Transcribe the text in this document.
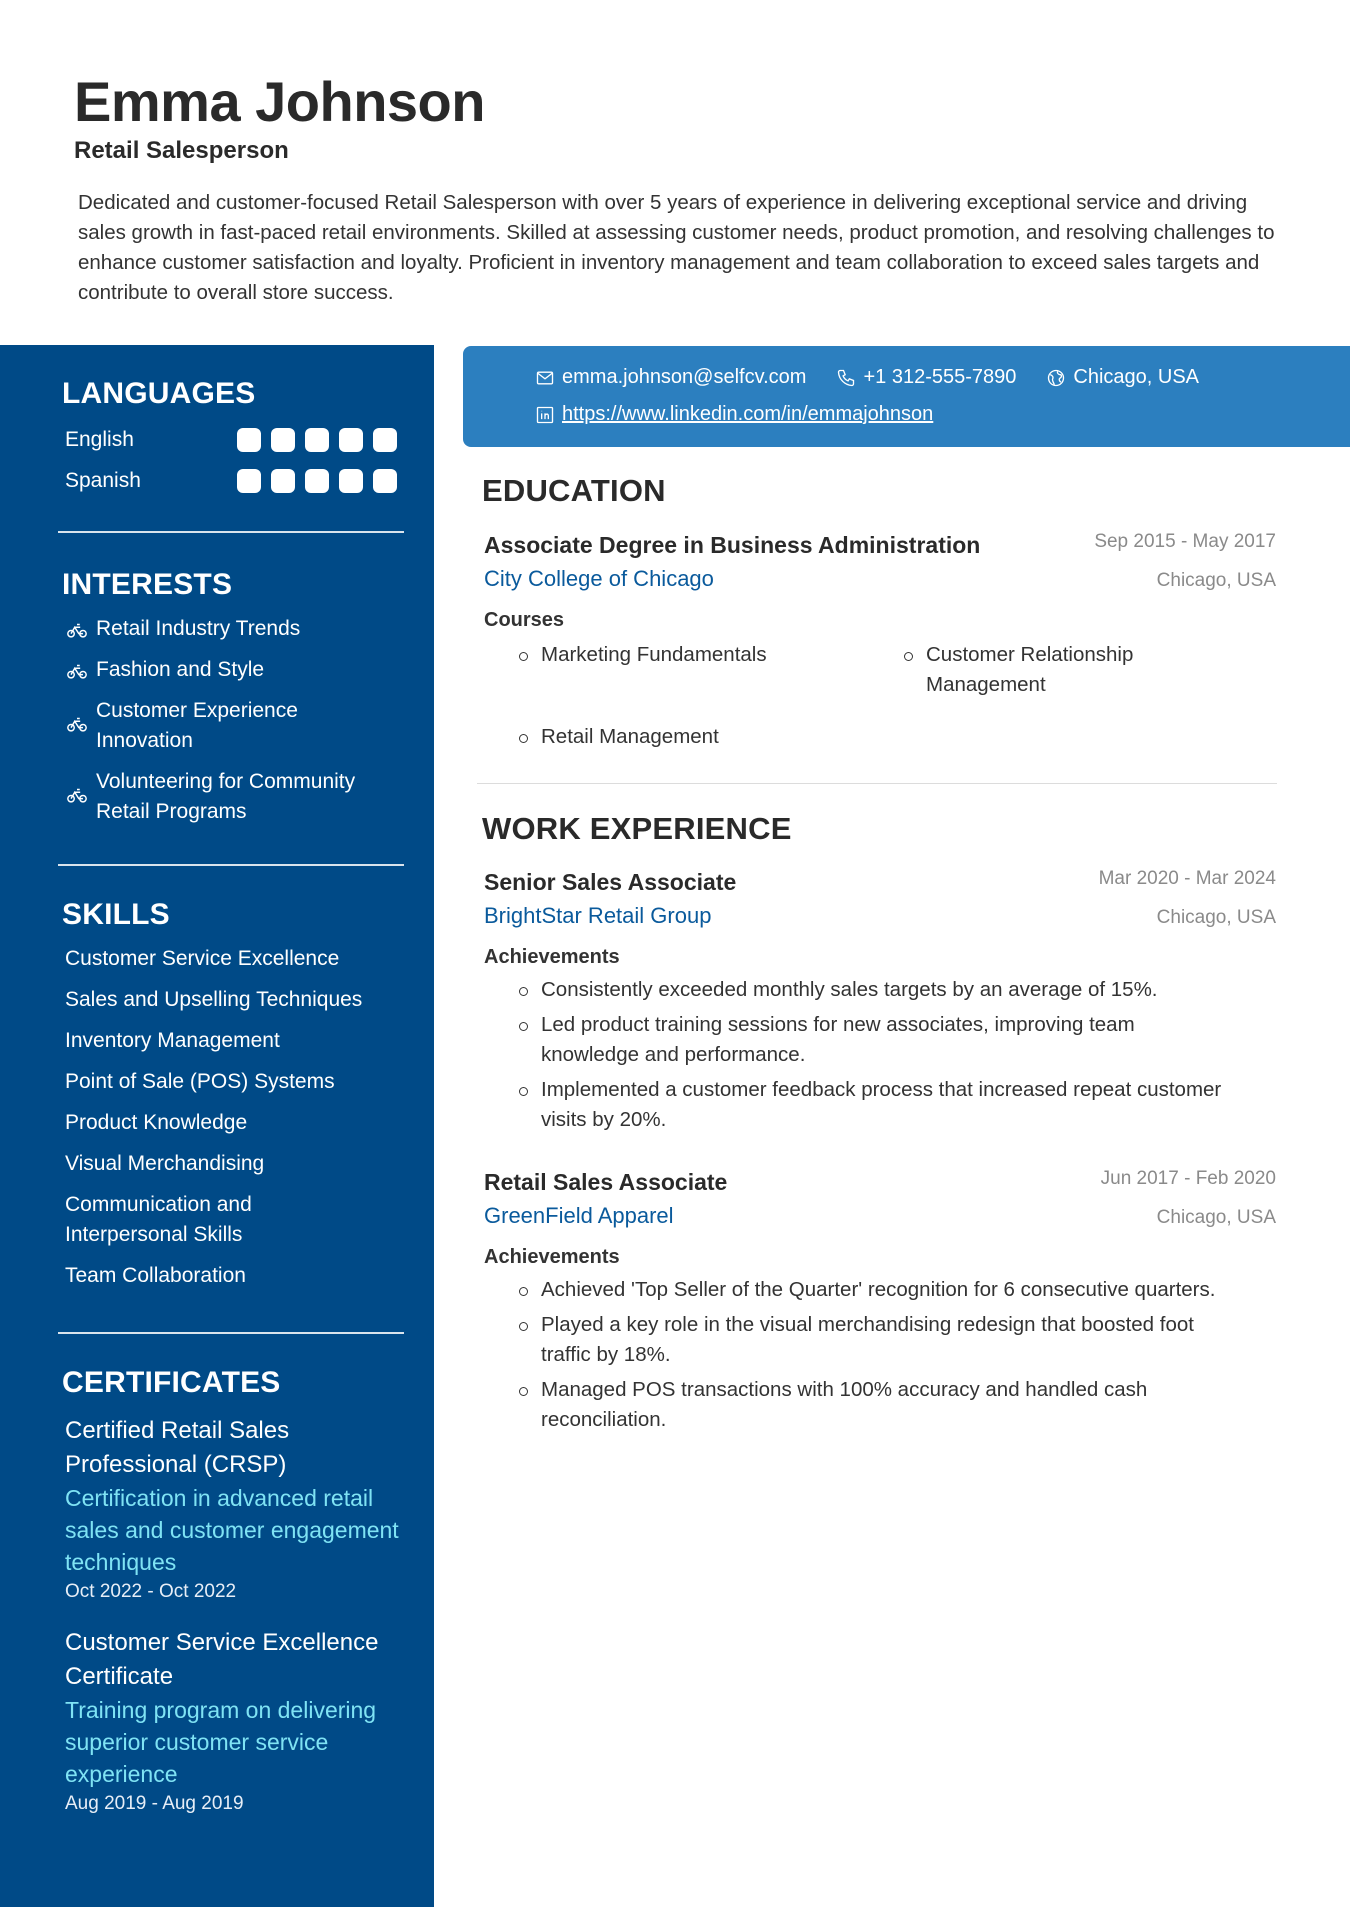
Emma Johnson
Retail Salesperson
Dedicated and customer-focused Retail Salesperson with over 5 years of experience in delivering exceptional service and driving sales growth in fast-paced retail environments. Skilled at assessing customer needs, product promotion, and resolving challenges to enhance customer satisfaction and loyalty. Proficient in inventory management and team collaboration to exceed sales targets and contribute to overall store success.
LANGUAGES
English
Spanish
INTERESTS
Retail Industry Trends
Fashion and Style
Customer Experience Innovation
Volunteering for Community Retail Programs
SKILLS
Customer Service Excellence
Sales and Upselling Techniques
Inventory Management
Point of Sale (POS) Systems
Product Knowledge
Visual Merchandising
Communication and Interpersonal Skills
Team Collaboration
CERTIFICATES
Certified Retail Sales Professional (CRSP)
Certification in advanced retail sales and customer engagement techniques
Oct 2022 - Oct 2022
Customer Service Excellence Certificate
Training program on delivering superior customer service experience
Aug 2019 - Aug 2019
emma.johnson@selfcv.com	+1 312-555-7890	Chicago, USA
https://www.linkedin.com/in/emmajohnson
EDUCATION
Associate Degree in Business Administration
City College of Chicago
Sep 2015 - May 2017
Chicago, USA
Courses
Marketing Fundamentals	Customer Relationship Management
Retail Management
WORK EXPERIENCE
Senior Sales Associate
BrightStar Retail Group
Mar 2020 - Mar 2024
Chicago, USA
Achievements
Consistently exceeded monthly sales targets by an average of 15%.
Led product training sessions for new associates, improving team knowledge and performance.
Implemented a customer feedback process that increased repeat customer visits by 20%.
Retail Sales Associate
GreenField Apparel
Jun 2017 - Feb 2020
Chicago, USA
Achievements
Achieved 'Top Seller of the Quarter' recognition for 6 consecutive quarters.
Played a key role in the visual merchandising redesign that boosted foot traffic by 18%.
Managed POS transactions with 100% accuracy and handled cash reconciliation.
